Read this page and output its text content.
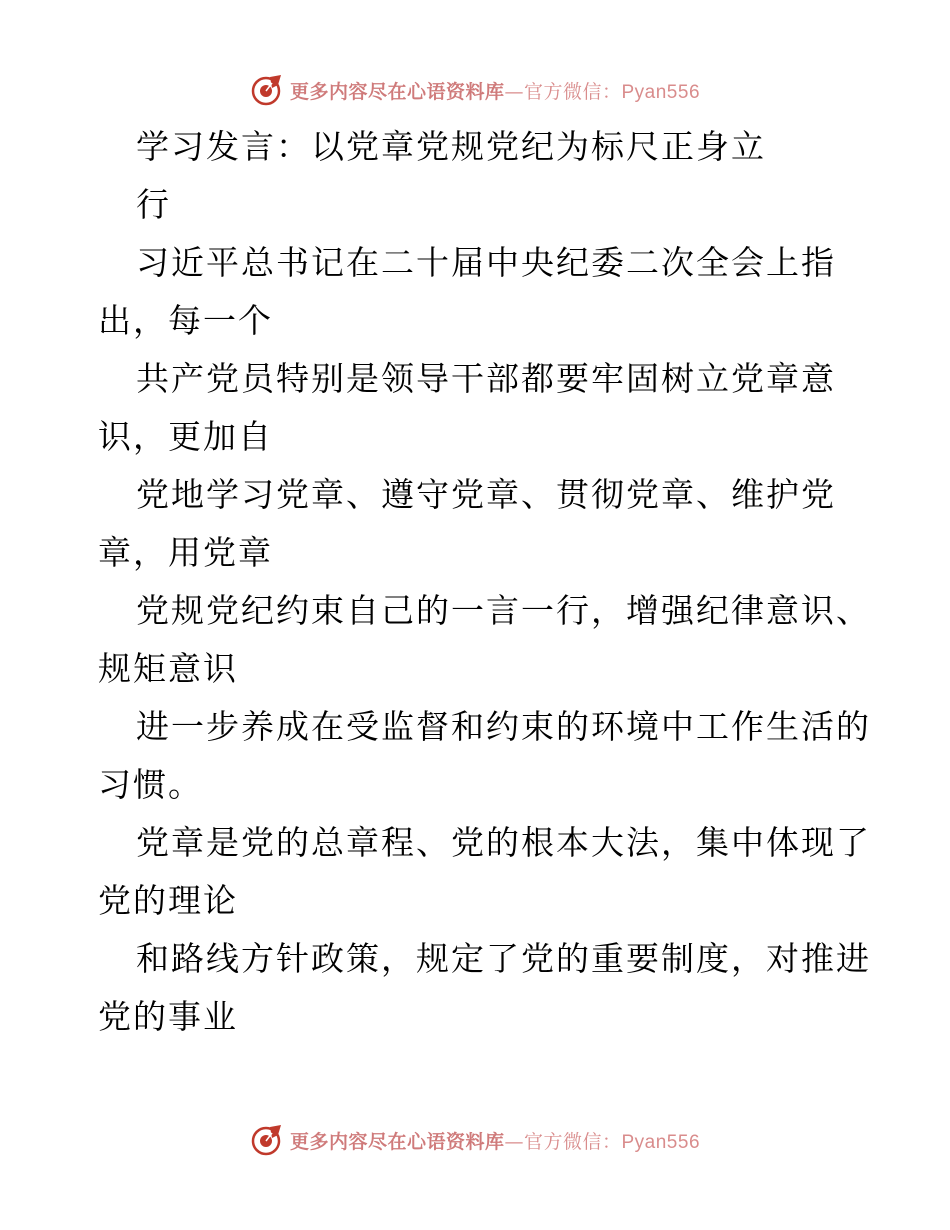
更多内容尽在心语资料库—官方微信：Pyan556
学习发言：以党章党规党纪为标尺正身立
行
习近平总书记在二十届中央纪委二次全会上指
出，每一个
共产党员特别是领导干部都要牢固树立党章意
识，更加自
党地学习党章、遵守党章、贯彻党章、维护党
章，用党章
党规党纪约束自己的一言一行，增强纪律意识、
规矩意识
进一步养成在受监督和约束的环境中工作生活的
习惯。
党章是党的总章程、党的根本大法，集中体现了
党的理论
和路线方针政策，规定了党的重要制度，对推进
党的事业
更多内容尽在心语资料库—官方微信：Pyan556
